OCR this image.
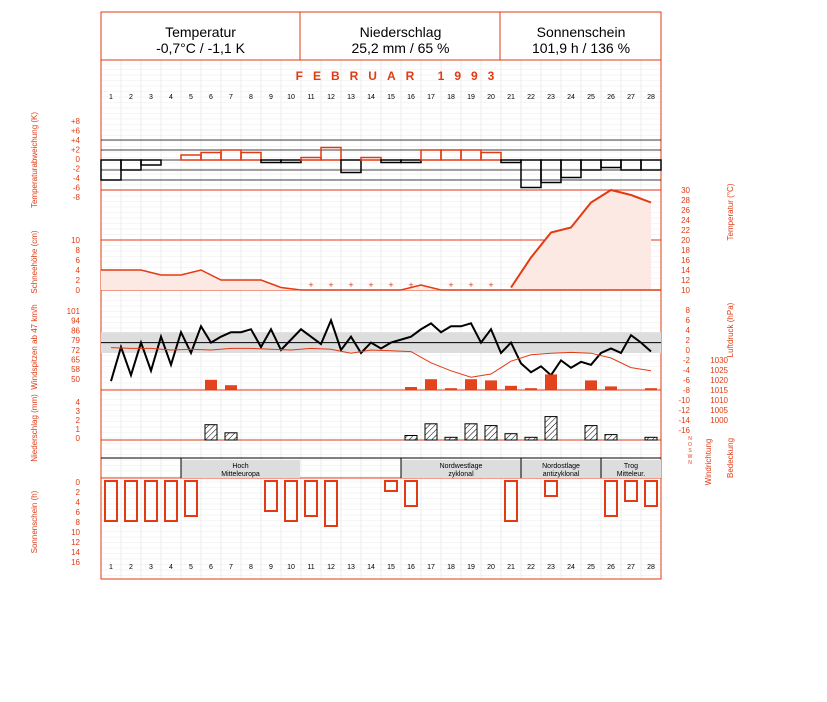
Temperatur
-0,7°C / -1,1 K
Niederschlag
25,2 mm / 65 %
Sonnenschein
101,9 h / 136 %
FEBRUAR 1993
1
1
2
2
3
3
4
4
5
5
6
6
7
7
8
8
9
9
10
10
11
11
12
12
13
13
14
14
15
15
16
16
17
17
18
18
19
19
20
20
21
21
22
22
23
23
24
24
25
25
26
26
27
27
28
28
Temperaturabweichung (K)
Schneehöhe (cm)
Windspitzen ab 47 km/h
Niederschlag (mm)
Sonnenschein (h)
Temperatur (°C)
Luftdruck (hPa)
Windrichtung Bedeckung
+8
+6
+4
+2
0
-2
-4
-6
-8
10
8
6
4
2
0
101
94
86
79
72
65
58
50
4
3
2
1
0
0
2
4
6
8
10
12
14
16
30
28
26
24
22
20
18
16
14
12
10
8
6
4
2
0
-2
-4
-6
-8
-10
-12
-14
-16
1030
1025
1020
1015
1010
1005
1000
N
O
S
W
N
+ + + + + +	+ + +
Hoch
Mitteleuropa
Nordwestlage
zyklonal
Nordostlage
antizyklonal
Trog
Mitteleur.
